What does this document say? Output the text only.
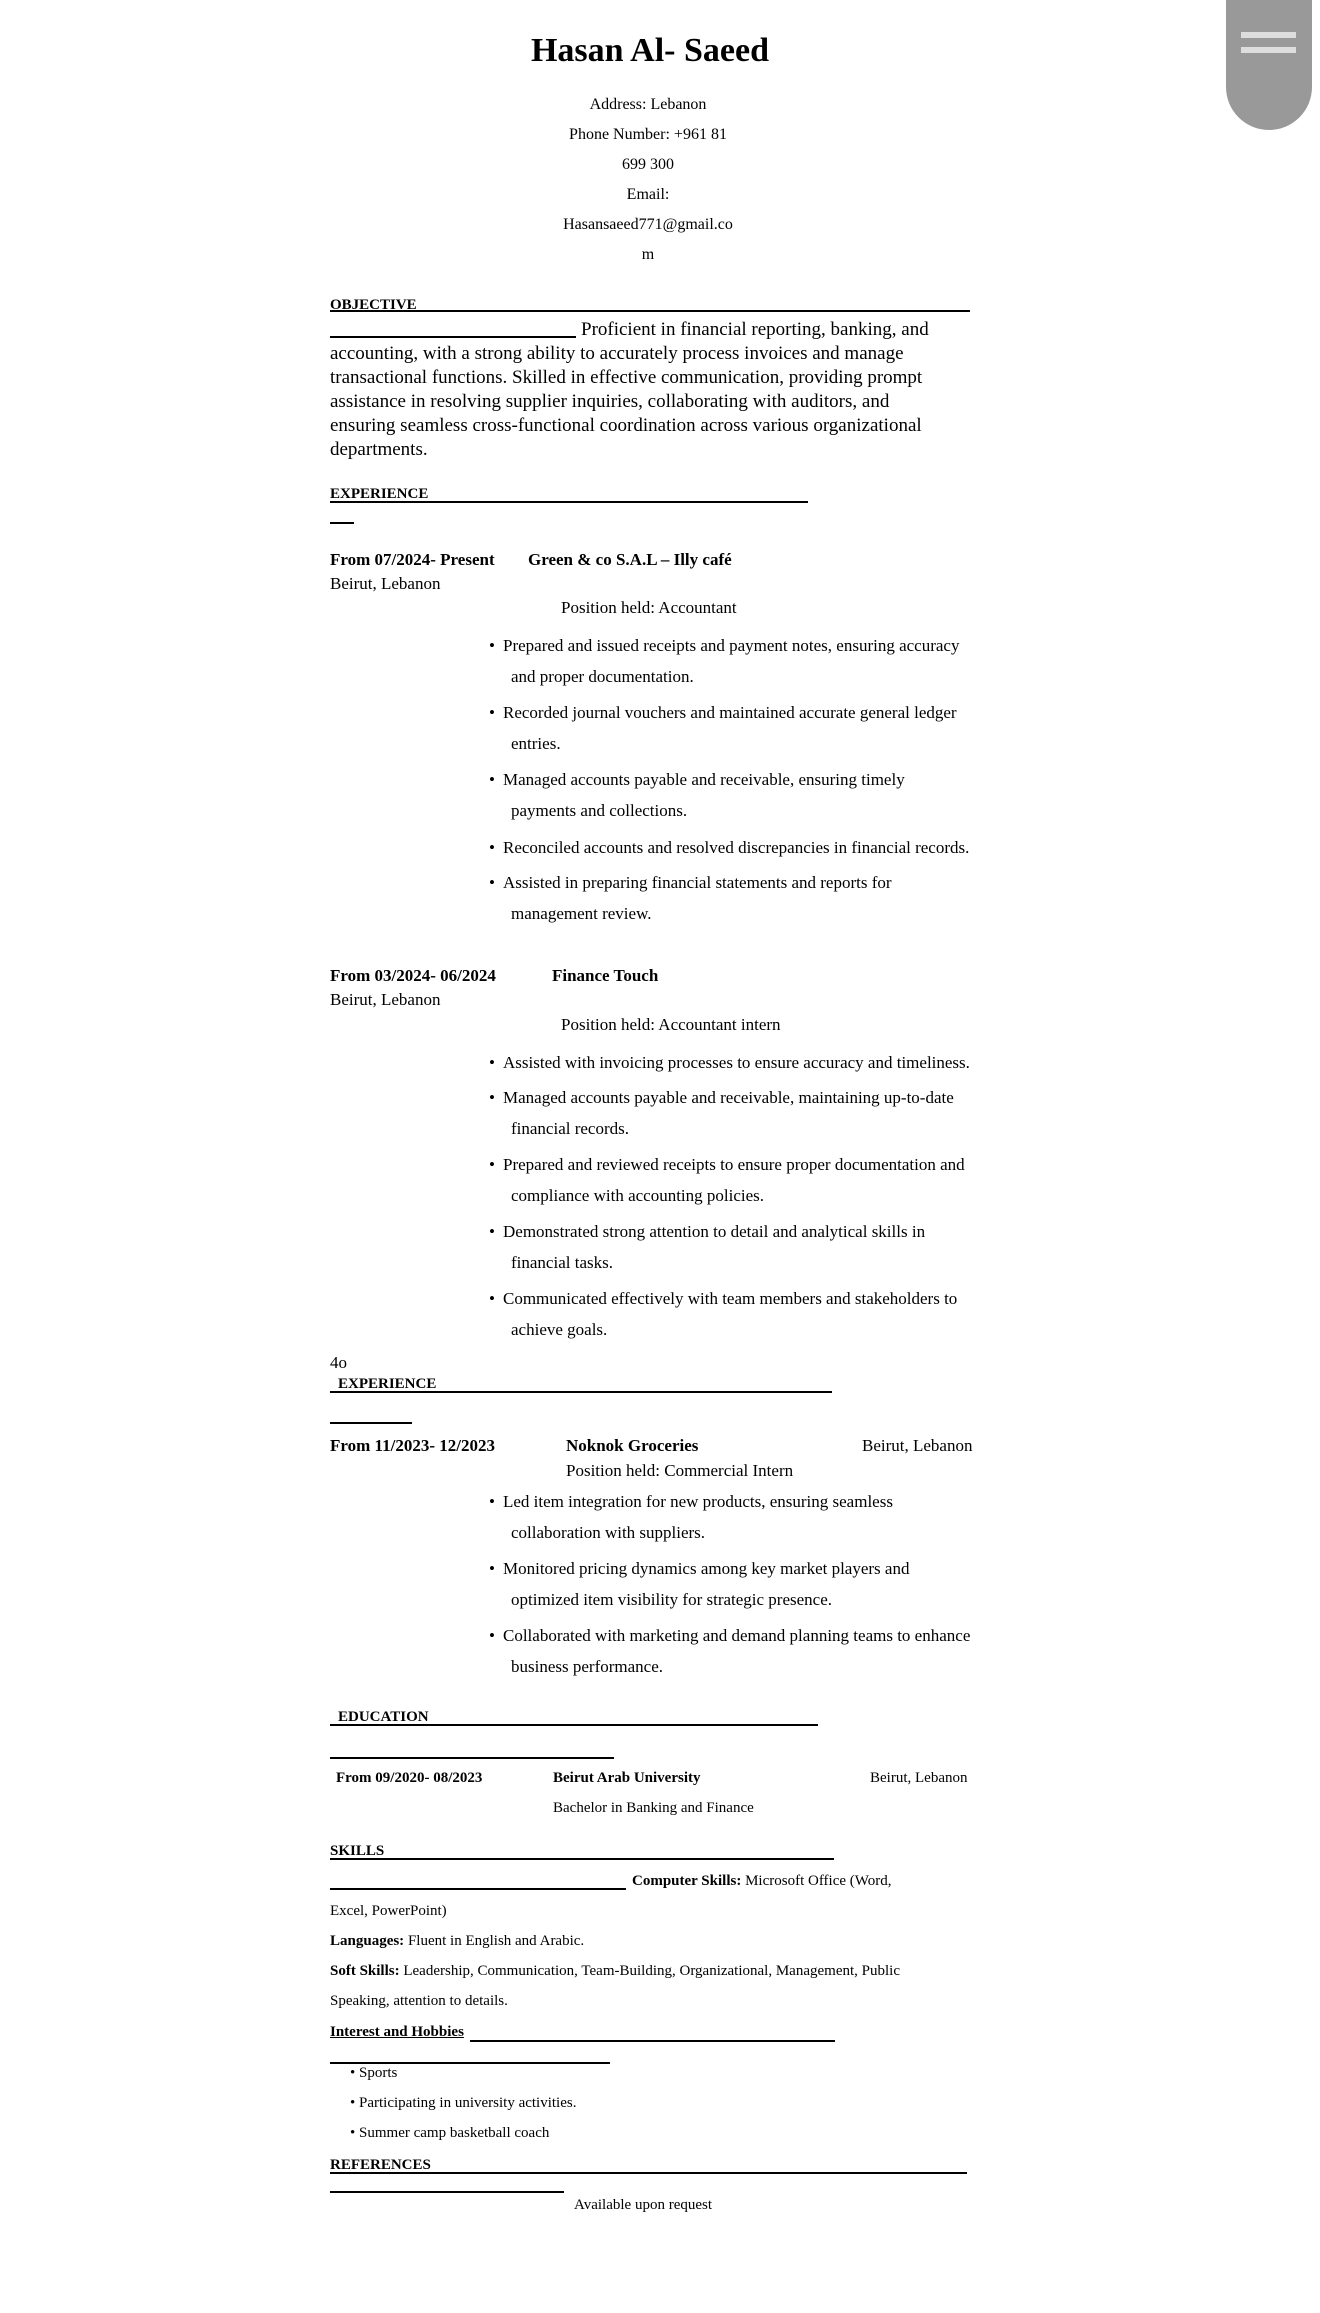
Hasan Al- Saeed
Address: Lebanon
Phone Number: +961 81
699 300
Email:
Hasansaeed771@gmail.co
m
OBJECTIVE
Proficient in financial reporting, banking, and
accounting, with a strong ability to accurately process invoices and manage
transactional functions. Skilled in effective communication, providing prompt
assistance in resolving supplier inquiries, collaborating with auditors, and
ensuring seamless cross-functional coordination across various organizational
departments.
EXPERIENCE
From 07/2024- Present Green & co S.A.L – Illy café
Beirut, Lebanon
Position held: Accountant
• Prepared and issued receipts and payment notes, ensuring accuracy
and proper documentation.
• Recorded journal vouchers and maintained accurate general ledger
entries.
• Managed accounts payable and receivable, ensuring timely
payments and collections.
• Reconciled accounts and resolved discrepancies in financial records.
• Assisted in preparing financial statements and reports for
management review.
From 03/2024- 06/2024	Finance Touch
Beirut, Lebanon
Position held: Accountant intern
• Assisted with invoicing processes to ensure accuracy and timeliness.
• Managed accounts payable and receivable, maintaining up-to-date
financial records.
• Prepared and reviewed receipts to ensure proper documentation and
compliance with accounting policies.
• Demonstrated strong attention to detail and analytical skills in
financial tasks.
• Communicated effectively with team members and stakeholders to
achieve goals.
4o
EXPERIENCE
From 11/2023- 12/2023	Noknok Groceries	Beirut, Lebanon
Position held: Commercial Intern
• Led item integration for new products, ensuring seamless
collaboration with suppliers.
• Monitored pricing dynamics among key market players and
optimized item visibility for strategic presence.
• Collaborated with marketing and demand planning teams to enhance
business performance.
EDUCATION
From 09/2020- 08/2023	Beirut Arab University	Beirut, Lebanon
Bachelor in Banking and Finance
SKILLS
Computer Skills: Microsoft Office (Word,
Excel, PowerPoint)
Languages: Fluent in English and Arabic.
Soft Skills: Leadership, Communication, Team-Building, Organizational, Management, Public
Speaking, attention to details.
Interest and Hobbies
• Sports
• Participating in university activities.
• Summer camp basketball coach
REFERENCES
Available upon request
